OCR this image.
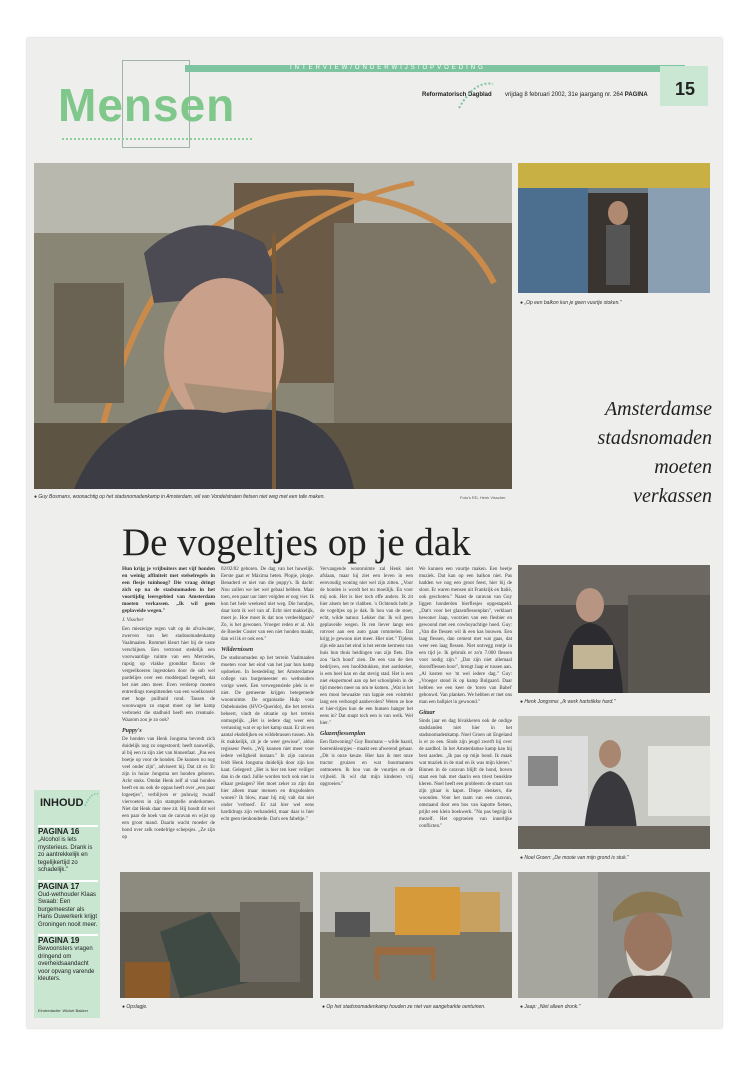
INTERVIEW/ONDERWIJS/OPVOEDING
Mensen	Reformatorisch Dagblad vrijdag 8 februari 2002, 31e jaargang nr. 264 PAGINA 15
● Guy Bosmans, woonachtig op het stadsnomadenkamp in Amsterdam, wil van Vondelstraten fietsen niet weg met een tafe maken.	Foto's RD, Henk Visscher
● „Op een balkon kun je geen vuurtje stoken."
Amsterdamse
stadsnomaden
moeten
verkassen
De vogeltjes op je dak

Hun krijg je vrijbuiters met vijf honden en weinig affiniteit met stelselregels in een flesje tuinhoog? Die vraag dringt zich op na de stadsnomaden in het voortijdig leersgebied van Amsterdam moeten verkassen. „Ik wil geen geplaveide wegen."

J. Visscher

Een miezerige regen valt op de afvalwater, zwerven van het stadsnomadenkamp Vaalmaalen. Rommel kleurt hier bij de vaste verschijnen. Een vertroost stedelijk een voorwaardige ruimte van een Mercedes, rupsig op vlakke gronddat flacon de vergeelkoeren ingestoken door de sub wel pardelijes over een modderpad begeeft, dat het niet aten meer. Even verderop moeten entrerdings toespittenden van een woelkonstel met hoge puilhuid rond. Tassen de woonwagen zo staput moet op het kamp verbroekt die stadhuid heeft een creatuale. Waarom zou je zo ook?

Puppy's

De honden van Henk Jongsma bevredt zich duidelijk nog zo ongestoord; heeft nauwelijk, al bij een ra zijn ziet van binnenfaat. „Pas een boetje op voor de honden. De kunnen nu nog veel onder zijn", adviseert hij. Dat zit er. Er zijn in huize Jongsma net honden geboren. Acht stuks. Omdat Henk zelf al vaal honden heeft en nu ook de oppas heeft over „een paar logeetjes", verblijven er puluwig twaalf viervoeters in zijn stamptelle onderkomen. Niet dat Henk daar mee zit. Hij houdt dit wel een paar de hoek van de caravan en wijst op een groot mand. Daarin wacht moeder de hond over zelk roedelrige schepsjes. „Ze zijn op

02/02/02 geboren. De dag van het huwelijk. Eerste gaat er Máxima heten. Plopje, plopje. Benaderd er niet van die puppy's. Ik dacht: Nou zullen we het wel gebaal hebben. Maar toen, een paar uur later volgden er nog vier. Ik kon het hele weekend niet weg. Die hondjes, daar kom ik wel van af. Echt niet makkelijk, moet je. Hoe moet ik dat nou verdeeldgaan? Zo, is het gewonen. Vroeger reden er al. Als de Boeder Coster van een niet honden maakt, dan wil ik er ook een."

Wildernissen

De stadsnomaden op het terrein Vaalmaalen moeten voor het eind van het jaar hun kamp opdoeken. In bestedeling het Amsterdamse college van burgemeester en wethouders vorige week. Een verwegenslede plek is er niet. De gemeente krijgen betegemede woonruimte. De organisatie Hulp voor Onbehuisden (HVO-Querido), die het terrein beheert, vindt de situatie op het terrein onmogelijk. „Het is iedere dag weer een verrassing wat er op het kamp staat. Er zit een aantal eksdelijken en wildebrassen tussen. Als ik makkelijk, zit je de weer gewisse", aldus regisseur Peels. „Wij kunnen niet meer voor iedere veiligheid instaan." In zijn caravan leidt Henk Jongsma duidelijk door zijn kos kaat. Gelegerd: „Het is hier ten keer veiliger dan in de stad. Jullie worden toch ook niet in elkaar geslagen? Het moet zeker zo zijn dat hier alleen maar mensen en drugsdealers wonen? Ik blow, maar bij mij valt dat niet onder 'verboed'. Er zal hier wel eens hardidrugs zijn verhandeld, maar daar is hier echt geen tienhonderde. Dat's een fabeltje."

Vervangende woonruimte zal Henk niet afslaan, maar hij ziet een leven in een eenvoudig woning niet wel zijn zitten. „Voor de honden is wordt het nu moeilijk. En voor mij ook. Het is hier toch effe anders. Ik zit hier alsem het te vlabben. 's Ochtends hebt je de vogeltjes op je dak. Ik hou van de stoer, echt, wilde natuur. Lekker dur. Ik wil geen geplaveide wegen. Ik ren liever langs een rotvoer aan een auto gaan rommelen. Dat krijg je gewoon niet meer. Hier niet." Tijdens zijn ede aan het eind is het eerste kermens van huis hun thuis heidingen van zijn fiets. Die zou ‘lach houd’ zien. De een van de tien bedrijven, een hoofdstukken, met aardsteker, is een heel kan en dat stevig stad. Het is een niet ekspermoel aan op het schoolplein in de tijd moeten meer nu om te komen. „Wat is het een mooi bewaakte van lappie een volstrekt lang een verhoogd aanbevolen? Weten ze hoe er hier-rijtjes kun de een bunsen hanger het eens in? Dat snapt toch een is van welk. Wel hier."

Glazenfiessenplan

Een flatwoning? Guy Bosmans – wilde baard, boerenkleurpjes – maakt een afwerend gebaar. „Dit is onze keuze. Hier kan ik met onze tractor gruizen en wat buurmannen ontmoeten. Ik hou van de vuurtjes en de vrijheid. Ik wil dat mijn kinderen vrij opgroeien."

We kunnen een vuurtje maken. Een beetje muziek. Dat kan op een balkon niet. Pas hadden we nog een groot feest, hier bij de sloot. Er waren mensen uit Frankrijk en Italië, ook geschoten." Naast de caravan van Guy liggen honderden bierflesjes opgestapeld. „Dat's voor het glazenflessenplan", verklaart hewoner Jaap, voorzien van een flesbier en gewoond met een cowboyachtige hoed. Guy: „Van die flessen wil ik een kas bouwen. Een laag flessen, dan cement met wat gaas, dat weer een laag flessen. Niet ontvegg rentje in een tijd je. Ik gebruik er zo'n 7.000 flessen voor nodig zijn." „Dat zijn niet allemaal doorsfflessen hoor", brengt Jaap er tussen aan. „Al kosten we 'm wel iedere dag." Guy: „Vroeger stond ik op kamp Bulgaard. Daar hebben we een keer de 'toren van Babel' gebouwd. Van planken. We hebben er met ons man een ballpiet in gewoond."

Gitaar

Sinds jaar en dag bivakkeren ook de ondige stadslanden niet hier in het stadsnomadenkamp. Noel Groen uit Engeland is er zo een. Sinds zijn jeugd zwerft hij over de aardbol. In het Amsterdamse kamp kan hij best aarden. „Ik pas op mijn hond. Ik maak wat muziek in de stad en ik was mijn kleren." Binnen in de caravan blijft de hond, boven staat een bak met daarin een triest beuskkte kleren. Noel heeft een probleem: de smart van zijn gitaar is kapot. Diepe slenkers, die woonden. Voor het raam van een caravan, omstaand door een bos van kapotte fietsen, prijkt een klein boekwerk. "Nu pas begrijp ik mezelf. Het opgroeien van innerlijke conflicten."

● Henk Jongsma: „Ik werk hartstikke hard."
● Noel Groen: „De mooie van mijn grond is stuk."
● Opslagje.	● Op het stadsnomadenkamp houden ze niet van aangeharkte oentuinen.	● Jaap: „Niet alleen dronk."
INHOUD
PAGINA 16
„Alcohol is lets mysterieus. Drank is zo aantrekkelijk en tegelijkertijd zo schadelijk."
PAGINA 17
Oud-wethouder Klaas Swaab: Een burgemeester als Hans Ouwerkerk krijgt Groningen nooit meer.
PAGINA 19
Bewoonsters vragen dringend om overheidsaandacht voor opvang varende kleuters.
Eindredactie: Wicket Bakker
